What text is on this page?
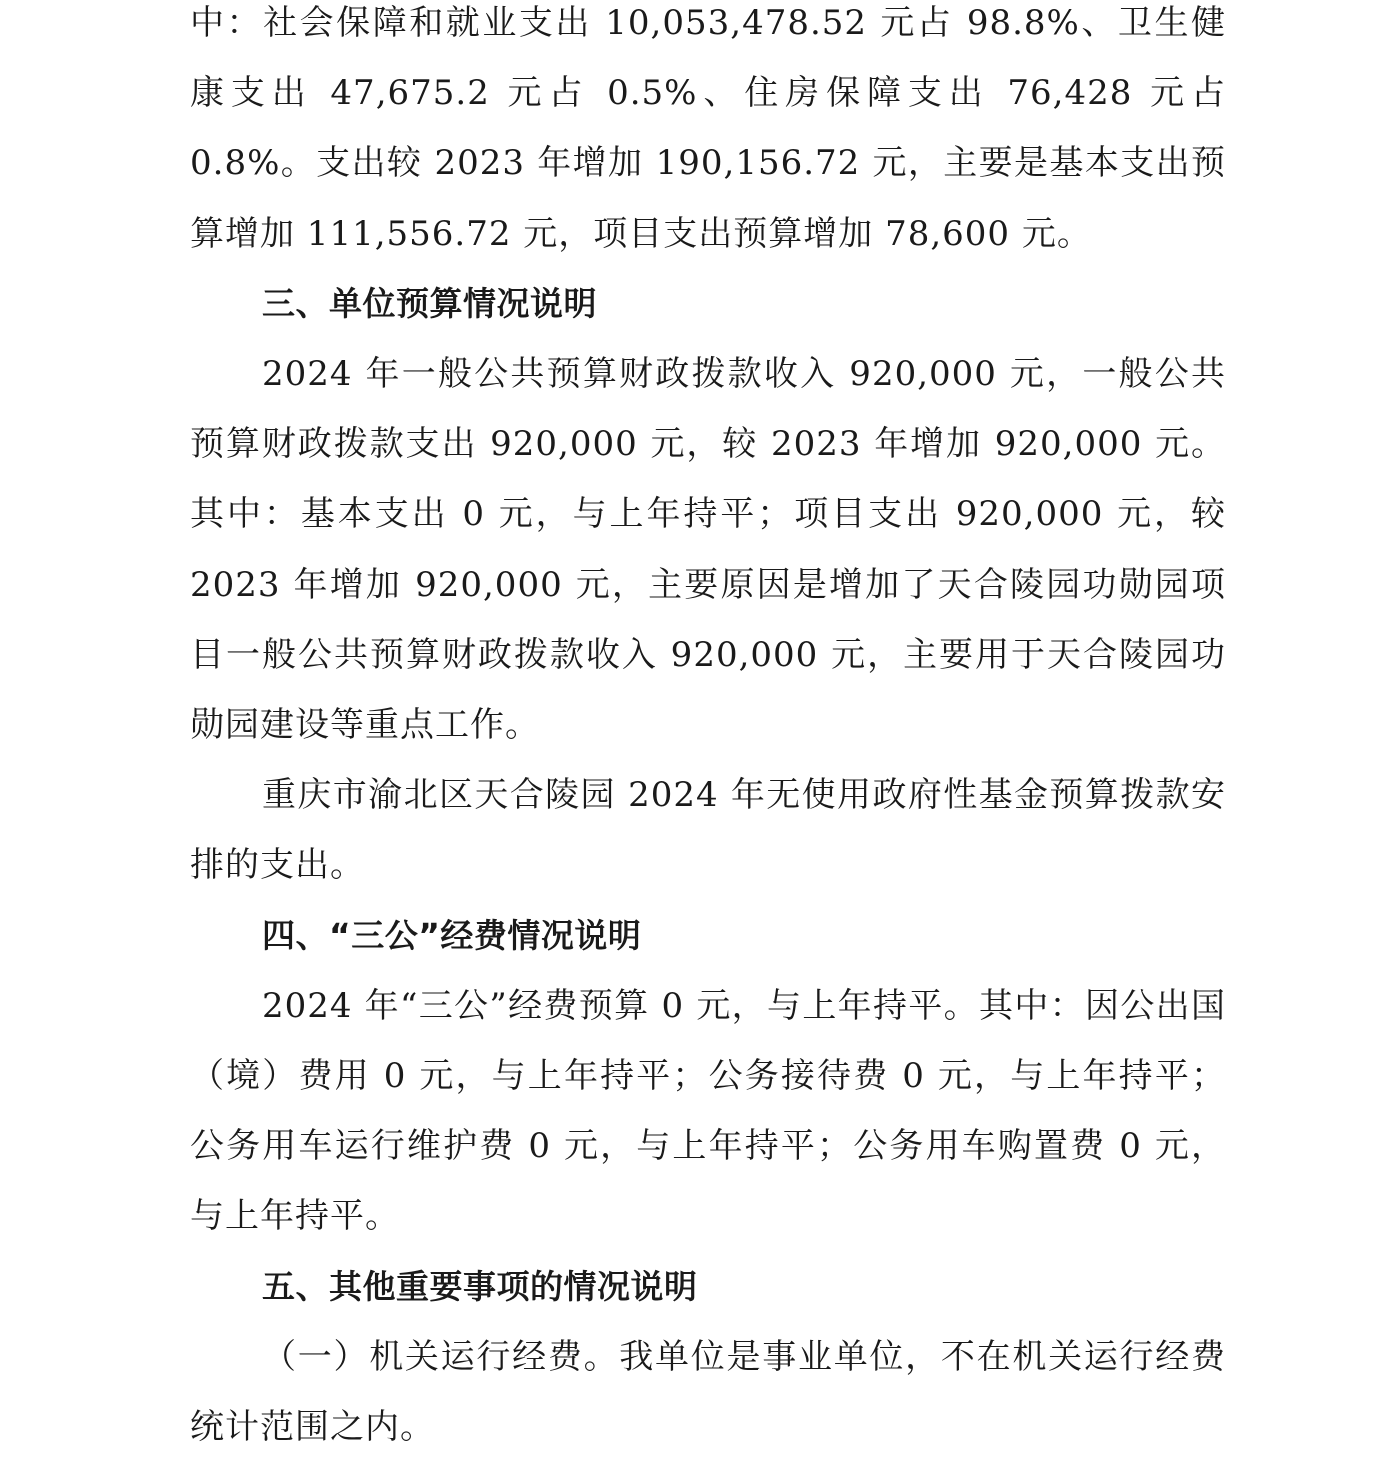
中：社会保障和就业支出 10,053,478.52 元占 98.8%、卫生健康支出 47,675.2 元占 0.5%、住房保障支出 76,428 元占 0.8%。支出较 2023 年增加 190,156.72 元，主要是基本支出预算增加 111,556.72 元，项目支出预算增加 78,600 元。

三、单位预算情况说明

2024 年一般公共预算财政拨款收入 920,000 元，一般公共预算财政拨款支出 920,000 元，较 2023 年增加 920,000 元。其中：基本支出 0 元，与上年持平；项目支出 920,000 元，较 2023 年增加 920,000 元，主要原因是增加了天合陵园功勋园项目一般公共预算财政拨款收入 920,000 元，主要用于天合陵园功勋园建设等重点工作。

重庆市渝北区天合陵园 2024 年无使用政府性基金预算拨款安排的支出。

四、“三公”经费情况说明

2024 年“三公”经费预算 0 元，与上年持平。其中：因公出国（境）费用 0 元，与上年持平；公务接待费 0 元，与上年持平；公务用车运行维护费 0 元，与上年持平；公务用车购置费 0 元，与上年持平。

五、其他重要事项的情况说明

（一）机关运行经费。我单位是事业单位，不在机关运行经费统计范围之内。
